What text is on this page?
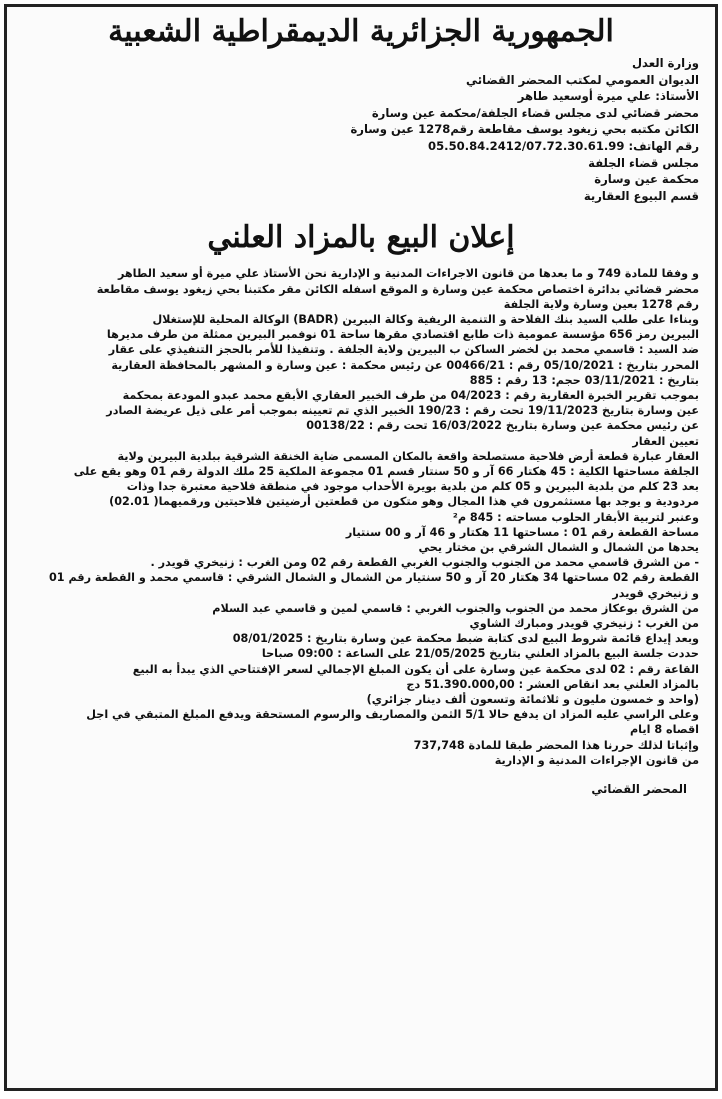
الجمهورية الجزائرية الديمقراطية الشعبية
وزارة العدل
الديوان العمومي لمكتب المحضر القضائي
الأستاذ: علي ميرة أوسعيد طاهر
محضر قضائي لدى مجلس قضاء الجلفة/محكمة عين وسارة
الكائن مكتبه بحي زيغود يوسف مقاطعة رقم1278 عين وسارة
رقم الهاتف: 05.50.84.2412/07.72.30.61.99
مجلس قضاء الجلفة
محكمة عين وسارة
قسم البيوع العقارية
إعلان البيع بالمزاد العلني

و وفقا للمادة 749 و ما بعدها من قانون الاجراءات المدنية و الإدارية نحن الأستاذ علي ميرة أو سعيد الطاهر

محضر قضائي بدائرة اختصاص محكمة عين وسارة و الموقع اسفله الكائن مقر مكتبنا بحي زيغود يوسف مقاطعة

رقم 1278 بعين وسارة ولاية الجلفة

وبناءا على طلب السيد بنك الفلاحة و التنمية الريفية وكالة البيرين (BADR) الوكالة المحلية للإستغلال

البيرين رمز 656 مؤسسة عمومية ذات طابع اقتصادي مقرها ساحة 01 نوفمبر البيرين ممثلة من طرف مديرها

ضد السيد : قاسمي محمد بن لخضر الساكن ب البيرين ولاية الجلفة . وتنفيذا للأمر بالحجز التنفيذي على عقار

المحرر بتاريخ : 05/10/2021 رقم : 00466/21 عن رئيس محكمة : عين وسارة و المشهر بالمحافظة العقارية

بتاريخ : 03/11/2021 حجم: 13 رقم : 885

بموجب تقرير الخبرة العقارية رقم : 04/2023 من طرف الخبير العقاري الأبقع محمد عبدو المودعة بمحكمة

عين وسارة بتاريخ 19/11/2023 تحت رقم : 190/23 الخبير الذي تم تعيينه بموجب أمر على ذيل عريضة الصادر

عن رئيس محكمة عين وسارة بتاريخ 16/03/2022 تحت رقم : 00138/22

تعيين العقار

العقار عبارة قطعة أرض فلاحية مستصلحة واقعة بالمكان المسمى ضاية الخنقة الشرقية ببلدية البيرين ولاية

الجلفة مساحتها الكلية : 45 هكتار 66 آر و 50 سنتار قسم 01 مجموعة الملكية 25 ملك الدولة رقم 01 وهو يقع على

بعد 23 كلم من بلدية البيرين و 05 كلم من بلدية بويرة الأحداب موجود في منطقة فلاحية معتبرة جدا وذات

مردودية و يوجد بها مستثمرون في هذا المجال وهو متكون من قطعتين أرضيتين فلاحيتين ورقميهما( 02.01)

وعنبر لتربية الأبقار الحلوب مساحته : 845 م²

مساحة القطعة رقم 01 : مساحتها 11 هكتار و 46 آر و 00 سنتيار

يحدها من الشمال و الشمال الشرقي بن مختار يحي

- من الشرق قاسمي محمد من الجنوب والجنوب الغربي القطعة رقم 02 ومن الغرب : زنيخري قويدر .

القطعة رقم 02 مساحتها 34 هكتار 20 آر و 50 سنتيار من الشمال و الشمال الشرقي : قاسمي محمد و القطعة رقم 01

و زنيخري قويدر

من الشرق بوعكاز محمد من الجنوب والجنوب الغربي : قاسمي لمين و قاسمي عبد السلام

من الغرب : زنيخري قويدر ومبارك الشاوي

وبعد إيداع قائمة شروط البيع لدى كتابة ضبط محكمة عين وسارة بتاريخ : 08/01/2025

حددت جلسة البيع بالمزاد العلني بتاريخ 21/05/2025 على الساعة : 09:00 صباحا

القاعة رقم : 02 لدى محكمة عين وسارة على أن يكون المبلغ الإجمالي لسعر الإفتتاحي الذي يبدأ به البيع

بالمزاد العلني بعد انقاص العشر : 51.390.000,00 دج

(واحد و خمسون مليون و ثلاثمائة وتسعون ألف دينار جزائري)

وعلى الراسي عليه المزاد ان يدفع حالا 5/1 الثمن والمصاريف والرسوم المستحقة ويدفع المبلغ المتبقي في اجل

اقصاه 8 ايام

وإثباتا لذلك حررنا هذا المحضر طبقا للمادة 737,748

من قانون الإجراءات المدنية و الإدارية

المحضر القضائي
